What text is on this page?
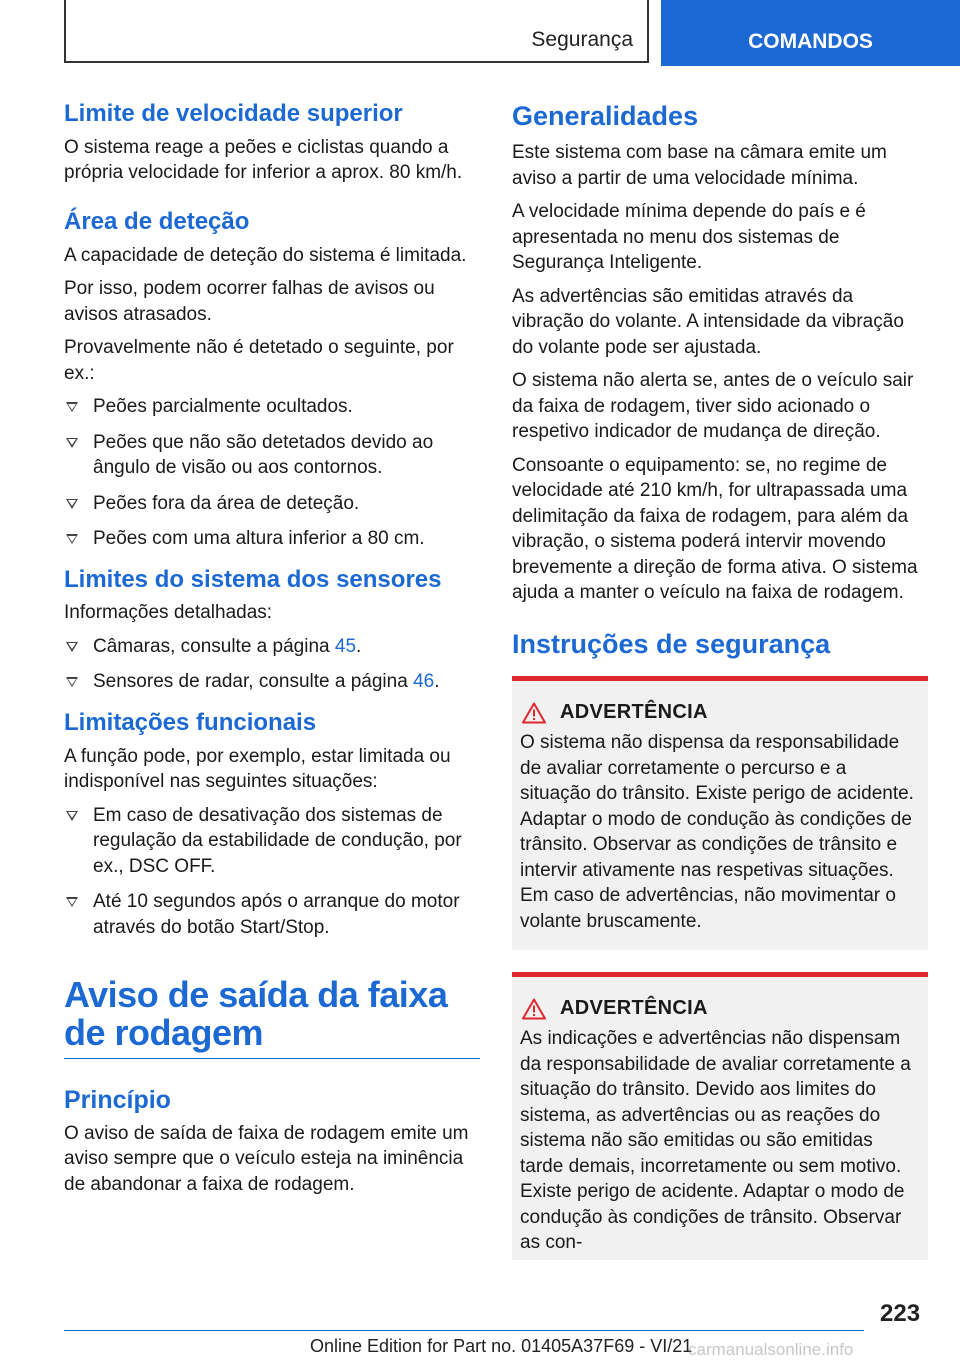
Segurança	COMANDOS
Limite de velocidade superior
O sistema reage a peões e ciclistas quando a própria velocidade for inferior a aprox. 80 km/h.
Área de deteção
A capacidade de deteção do sistema é limitada.
Por isso, podem ocorrer falhas de avisos ou avisos atrasados.
Provavelmente não é detetado o seguinte, por ex.:
Peões parcialmente ocultados.
Peões que não são detetados devido ao ângulo de visão ou aos contornos.
Peões fora da área de deteção.
Peões com uma altura inferior a 80 cm.
Limites do sistema dos sensores
Informações detalhadas:
Câmaras, consulte a página 45.
Sensores de radar, consulte a página 46.
Limitações funcionais
A função pode, por exemplo, estar limitada ou indisponível nas seguintes situações:
Em caso de desativação dos sistemas de regulação da estabilidade de condução, por ex., DSC OFF.
Até 10 segundos após o arranque do motor através do botão Start/Stop.
Aviso de saída da faixa de rodagem
Princípio
O aviso de saída de faixa de rodagem emite um aviso sempre que o veículo esteja na iminência de abandonar a faixa de rodagem.
Generalidades
Este sistema com base na câmara emite um aviso a partir de uma velocidade mínima.
A velocidade mínima depende do país e é apresentada no menu dos sistemas de Segurança Inteligente.
As advertências são emitidas através da vibração do volante. A intensidade da vibração do volante pode ser ajustada.
O sistema não alerta se, antes de o veículo sair da faixa de rodagem, tiver sido acionado o respetivo indicador de mudança de direção.
Consoante o equipamento: se, no regime de velocidade até 210 km/h, for ultrapassada uma delimitação da faixa de rodagem, para além da vibração, o sistema poderá intervir movendo brevemente a direção de forma ativa. O sistema ajuda a manter o veículo na faixa de rodagem.
Instruções de segurança
ADVERTÊNCIA
O sistema não dispensa da responsabilidade de avaliar corretamente o percurso e a situação do trânsito. Existe perigo de acidente. Adaptar o modo de condução às condições de trânsito. Observar as condições de trânsito e intervir ativamente nas respetivas situações. Em caso de advertências, não movimentar o volante bruscamente.
ADVERTÊNCIA
As indicações e advertências não dispensam da responsabilidade de avaliar corretamente a situação do trânsito. Devido aos limites do sistema, as advertências ou as reações do sistema não são emitidas ou são emitidas tarde demais, incorretamente ou sem motivo. Existe perigo de acidente. Adaptar o modo de condução às condições de trânsito. Observar as con-
223
Online Edition for Part no. 01405A37F69 - VI/21
carmanualsonline.info
